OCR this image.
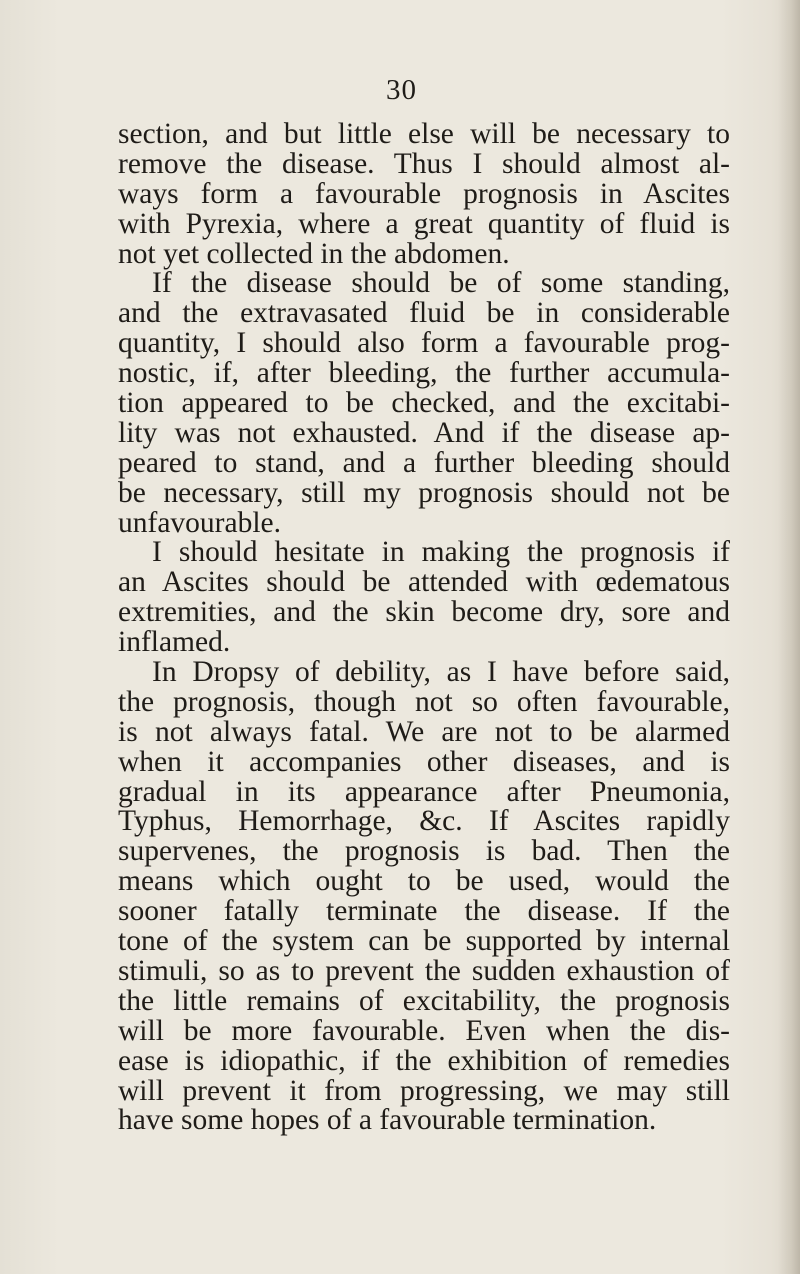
30
section, and but little else will be necessary to
remove the disease. Thus I should almost al-
ways form a favourable prognosis in Ascites
with Pyrexia, where a great quantity of fluid is
not yet collected in the abdomen.
If the disease should be of some standing,
and the extravasated fluid be in considerable
quantity, I should also form a favourable prog-
nostic, if, after bleeding, the further accumula-
tion appeared to be checked, and the excitabi-
lity was not exhausted. And if the disease ap-
peared to stand, and a further bleeding should
be necessary, still my prognosis should not be
unfavourable.
I should hesitate in making the prognosis if
an Ascites should be attended with œdematous
extremities, and the skin become dry, sore and
inflamed.
In Dropsy of debility, as I have before said,
the prognosis, though not so often favourable,
is not always fatal. We are not to be alarmed
when it accompanies other diseases, and is
gradual in its appearance after Pneumonia,
Typhus, Hemorrhage, &c. If Ascites rapidly
supervenes, the prognosis is bad. Then the
means which ought to be used, would the
sooner fatally terminate the disease. If the
tone of the system can be supported by internal
stimuli, so as to prevent the sudden exhaustion of
the little remains of excitability, the prognosis
will be more favourable. Even when the dis-
ease is idiopathic, if the exhibition of remedies
will prevent it from progressing, we may still
have some hopes of a favourable termination.
